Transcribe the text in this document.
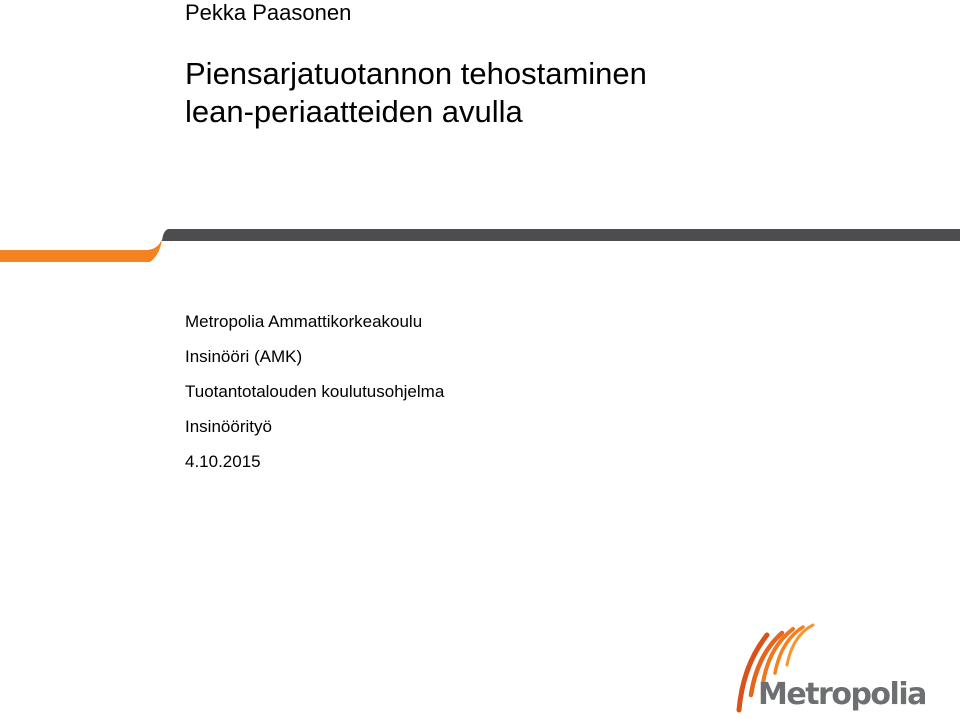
Pekka Paasonen
Piensarjatuotannon tehostaminen
lean-periaatteiden avulla
Metropolia Ammattikorkeakoulu
Insinööri (AMK)
Tuotantotalouden koulutusohjelma
Insinöörityö
4.10.2015
Metropolia
